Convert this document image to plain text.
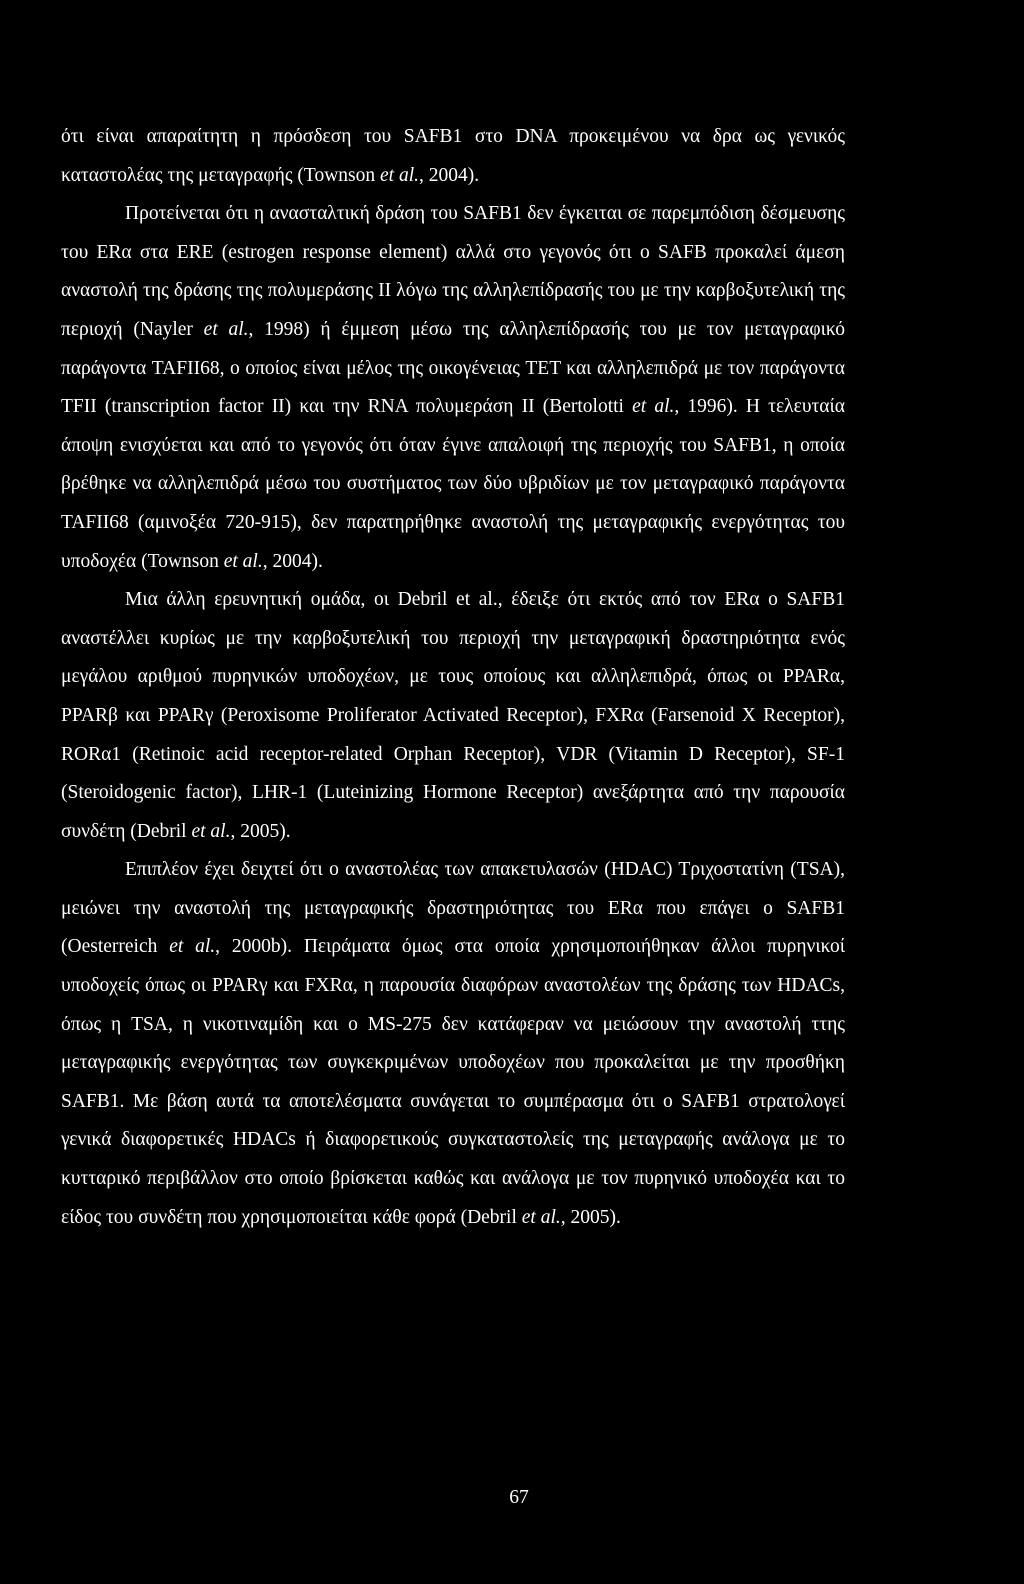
ότι είναι απαραίτητη η πρόσδεση του SAFB1 στο DNA προκειμένου να δρα ως γενικός καταστολέας της μεταγραφής (Townson et al., 2004).

Προτείνεται ότι η ανασταλτική δράση του SAFB1 δεν έγκειται σε παρεμπόδιση δέσμευσης του ERα στα ERE (estrogen response element) αλλά στο γεγονός ότι ο SAFB προκαλεί άμεση αναστολή της δράσης της πολυμεράσης II λόγω της αλληλεπίδρασής του με την καρβοξυτελική της περιοχή (Nayler et al., 1998) ή έμμεση μέσω της αλληλεπίδρασής του με τον μεταγραφικό παράγοντα TAFII68, ο οποίος είναι μέλος της οικογένειας TET και αλληλεπιδρά με τον παράγοντα TFII (transcription factor II) και την RNA πολυμεράση II (Bertolotti et al., 1996). Η τελευταία άποψη ενισχύεται και από το γεγονός ότι όταν έγινε απαλοιφή της περιοχής του SAFB1, η οποία βρέθηκε να αλληλεπιδρά μέσω του συστήματος των δύο υβριδίων με τον μεταγραφικό παράγοντα TAFII68 (αμινοξέα 720-915), δεν παρατηρήθηκε αναστολή της μεταγραφικής ενεργότητας του υποδοχέα (Townson et al., 2004).

Μια άλλη ερευνητική ομάδα, οι Debril et al., έδειξε ότι εκτός από τον ERα ο SAFB1 αναστέλλει κυρίως με την καρβοξυτελική του περιοχή την μεταγραφική δραστηριότητα ενός μεγάλου αριθμού πυρηνικών υποδοχέων, με τους οποίους και αλληλεπιδρά, όπως οι PPARα, PPARβ και PPARγ (Peroxisome Proliferator Activated Receptor), FXRα (Farsenoid X Receptor), RORα1 (Retinoic acid receptor-related Orphan Receptor), VDR (Vitamin D Receptor), SF-1 (Steroidogenic factor), LHR-1 (Luteinizing Hormone Receptor) ανεξάρτητα από την παρουσία συνδέτη (Debril et al., 2005).

Επιπλέον έχει δειχτεί ότι ο αναστολέας των απακετυλασών (HDAC) Τριχοστατίνη (TSA), μειώνει την αναστολή της μεταγραφικής δραστηριότητας του ERα που επάγει ο SAFB1 (Oesterreich et al., 2000b). Πειράματα όμως στα οποία χρησιμοποιήθηκαν άλλοι πυρηνικοί υποδοχείς όπως οι PPARγ και FXRα, η παρουσία διαφόρων αναστολέων της δράσης των HDACs, όπως η TSA, η νικοτιναμίδη και ο MS-275 δεν κατάφεραν να μειώσουν την αναστολή ττης μεταγραφικής ενεργότητας των συγκεκριμένων υποδοχέων που προκαλείται με την προσθήκη SAFB1. Με βάση αυτά τα αποτελέσματα συνάγεται το συμπέρασμα ότι ο SAFB1 στρατολογεί γενικά διαφορετικές HDACs ή διαφορετικούς συγκαταστολείς της μεταγραφής ανάλογα με το κυτταρικό περιβάλλον στο οποίο βρίσκεται καθώς και ανάλογα με τον πυρηνικό υποδοχέα και το είδος του συνδέτη που χρησιμοποιείται κάθε φορά (Debril et al., 2005).

67
